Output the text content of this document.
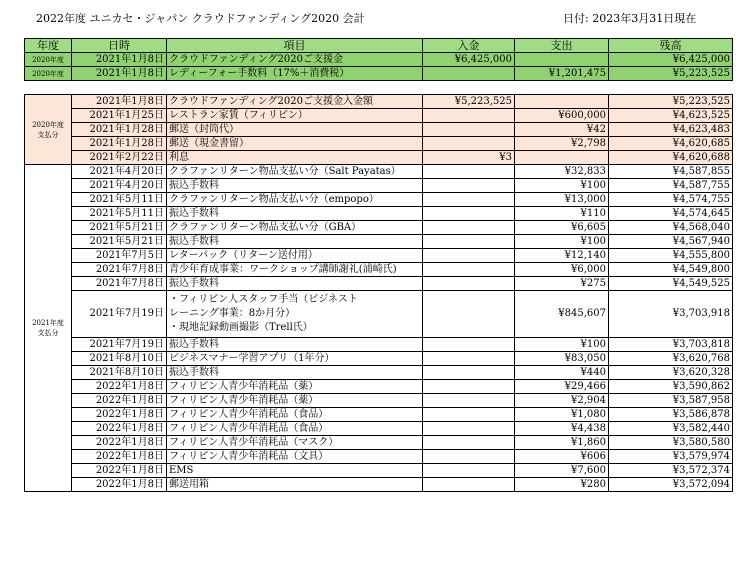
2022年度 ユニカセ・ジャパン クラウドファンディング2020 会計	日付: 2023年3月31日現在
年度	日時	項目	入金	支出	残高
2020年度	2021年1月8日	クラウドファンディング2020ご支援金	¥6,425,000		¥6,425,000
2020年度	2021年1月8日	レディーフォー手数料（17%＋消費税）		¥1,201,475	¥5,223,525
2020年度
支払分	2021年1月8日	クラウドファンディング2020ご支援金入金額	¥5,223,525		¥5,223,525
	2021年1月25日	レストラン家賃（フィリピン）		¥600,000	¥4,623,525
	2021年1月28日	郵送（封筒代）		¥42	¥4,623,483
	2021年1月28日	郵送（現金書留）		¥2,798	¥4,620,685
	2021年2月22日	利息	¥3		¥4,620,688
2021年度
支払分	2021年4月20日	クラファンリターン物品支払い分（Salt Payatas）		¥32,833	¥4,587,855
	2021年4月20日	振込手数料		¥100	¥4,587,755
	2021年5月11日	クラファンリターン物品支払い分（empopo）		¥13,000	¥4,574,755
	2021年5月11日	振込手数料		¥110	¥4,574,645
	2021年5月21日	クラファンリターン物品支払い分（GBA）		¥6,605	¥4,568,040
	2021年5月21日	振込手数料		¥100	¥4,567,940
	2021年7月5日	レターパック（リターン送付用）		¥12,140	¥4,555,800
	2021年7月8日	青少年育成事業：ワークショップ講師謝礼(浦崎氏)		¥6,000	¥4,549,800
	2021年7月8日	振込手数料		¥275	¥4,549,525
	2021年7月19日	・フィリピン人スタッフ手当（ビジネスト
レーニング事業：8か月分）
・現地記録動画撮影（Trell氏）		¥845,607	¥3,703,918
	2021年7月19日	振込手数料		¥100	¥3,703,818
	2021年8月10日	ビジネスマナー学習アプリ（1年分）		¥83,050	¥3,620,768
	2021年8月10日	振込手数料		¥440	¥3,620,328
	2022年1月8日	フィリピン人青少年消耗品（薬）		¥29,466	¥3,590,862
	2022年1月8日	フィリピン人青少年消耗品（薬）		¥2,904	¥3,587,958
	2022年1月8日	フィリピン人青少年消耗品（食品）		¥1,080	¥3,586,878
	2022年1月8日	フィリピン人青少年消耗品（食品）		¥4,438	¥3,582,440
	2022年1月8日	フィリピン人青少年消耗品（マスク）		¥1,860	¥3,580,580
	2022年1月8日	フィリピン人青少年消耗品（文具）		¥606	¥3,579,974
	2022年1月8日	EMS		¥7,600	¥3,572,374
	2022年1月8日	郵送用箱		¥280	¥3,572,094
